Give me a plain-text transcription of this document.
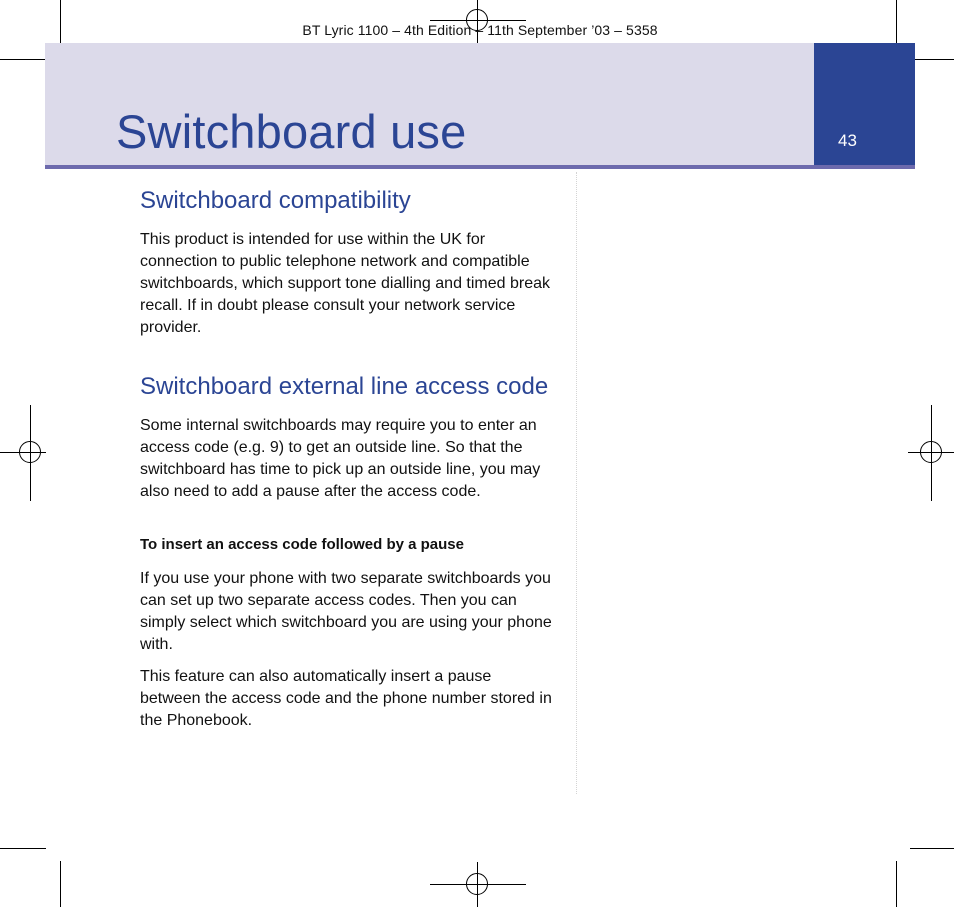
BT Lyric 1100 – 4th Edition – 11th September ’03 – 5358
Switchboard use	43
Switchboard compatibility

This product is intended for use within the UK for connection to public telephone network and compatible switchboards, which support tone dialling and timed break recall. If in doubt please consult your network service provider.

Switchboard external line access code

Some internal switchboards may require you to enter an access code (e.g. 9) to get an outside line. So that the switchboard has time to pick up an outside line, you may also need to add a pause after the access code.

To insert an access code followed by a pause

If you use your phone with two separate switchboards you can set up two separate access codes. Then you can simply select which switchboard you are using your phone with.

This feature can also automatically insert a pause between the access code and the phone number stored in the Phonebook.
